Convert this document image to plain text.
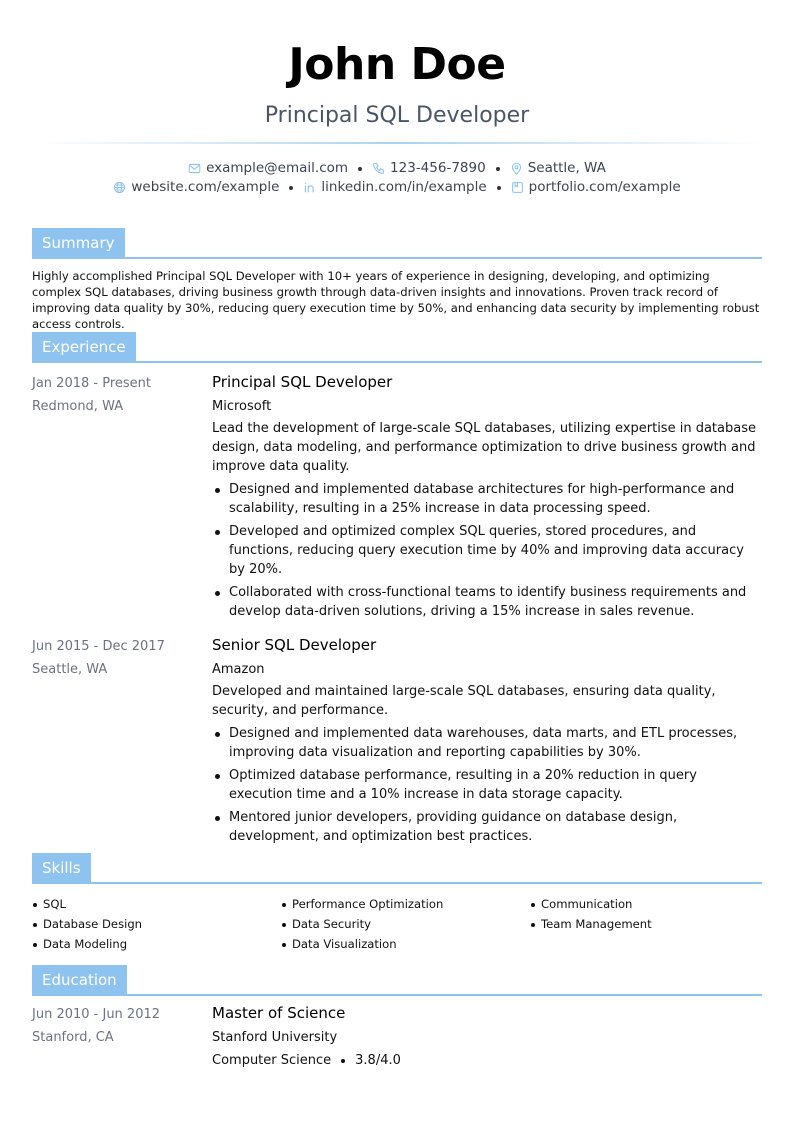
John Doe
Principal SQL Developer
example@email.com	123-456-7890	Seattle, WA
website.com/example	linkedin.com/in/example	portfolio.com/example
Summary

Highly accomplished Principal SQL Developer with 10+ years of experience in designing, developing, and optimizing complex SQL databases, driving business growth through data-driven insights and innovations. Proven track record of improving data quality by 30%, reducing query execution time by 50%, and enhancing data security by implementing robust access controls.

Experience
Jan 2018 - Present
Redmond, WA
Principal SQL Developer
Microsoft
Lead the development of large-scale SQL databases, utilizing expertise in database design, data modeling, and performance optimization to drive business growth and improve data quality.
Designed and implemented database architectures for high-performance and scalability, resulting in a 25% increase in data processing speed.
Developed and optimized complex SQL queries, stored procedures, and functions, reducing query execution time by 40% and improving data accuracy by 20%.
Collaborated with cross-functional teams to identify business requirements and develop data-driven solutions, driving a 15% increase in sales revenue.
Jun 2015 - Dec 2017
Seattle, WA
Senior SQL Developer
Amazon
Developed and maintained large-scale SQL databases, ensuring data quality, security, and performance.
Designed and implemented data warehouses, data marts, and ETL processes, improving data visualization and reporting capabilities by 30%.
Optimized database performance, resulting in a 20% reduction in query execution time and a 10% increase in data storage capacity.
Mentored junior developers, providing guidance on database design, development, and optimization best practices.
Skills
SQL	Performance Optimization	Communication
Database Design	Data Security	Team Management
Data Modeling	Data Visualization
Education
Jun 2010 - Jun 2012
Stanford, CA
Master of Science
Stanford University
Computer Science 3.8/4.0
